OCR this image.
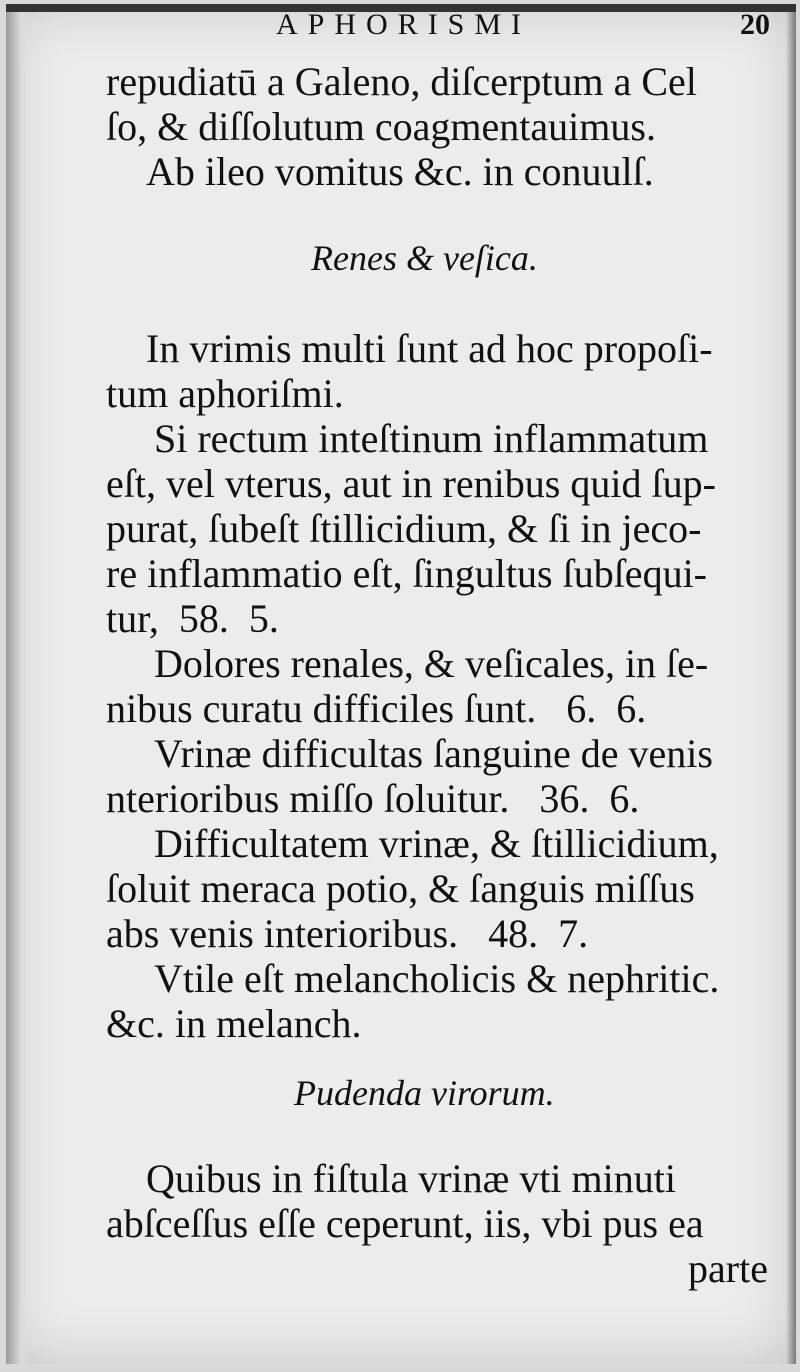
APHORISMI	20
repudiatū a Galeno, diſcerptum a Cel
ſo, & diſſolutum coagmentauimus.
Ab ileo vomitus &c. in conuulſ.
Renes & veſica.
In vrimis multi ſunt ad hoc propoſi-
tum aphoriſmi.
Si rectum inteſtinum inflammatum
eſt, vel vterus, aut in renibus quid ſup-
purat, ſubeſt ſtillicidium, & ſi in jeco-
re inflammatio eſt, ſingultus ſubſequi-
tur,  58.  5.
Dolores renales, & veſicales, in ſe-
nibus curatu difficiles ſunt.   6.  6.
Vrinæ difficultas ſanguine de venis
nterioribus miſſo ſoluitur.   36.  6.
Difficultatem vrinæ, & ſtillicidium,
ſoluit meraca potio, & ſanguis miſſus
abs venis interioribus.   48.  7.
Vtile eſt melancholicis & nephritic.
&c. in melanch.
Pudenda virorum.
Quibus in fiſtula vrinæ vti minuti
abſceſſus eſſe ceperunt, iis, vbi pus ea
parte
